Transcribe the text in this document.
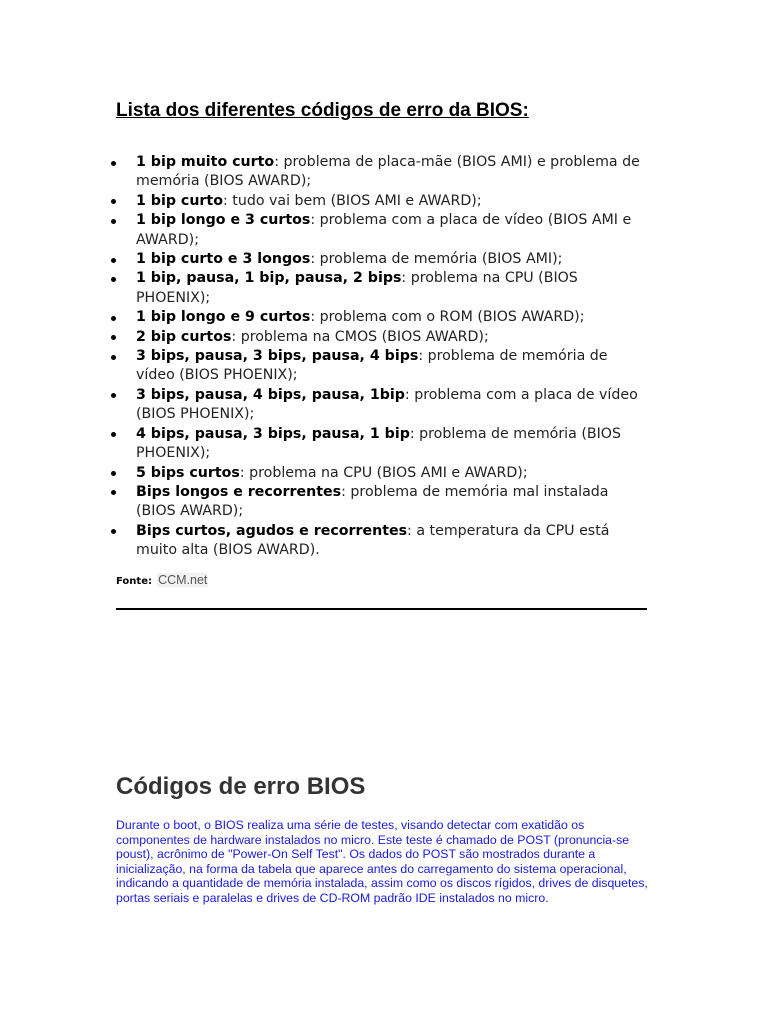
Lista dos diferentes códigos de erro da BIOS:
1 bip muito curto: problema de placa-mãe (BIOS AMI) e problema de memória (BIOS AWARD);
1 bip curto: tudo vai bem (BIOS AMI e AWARD);
1 bip longo e 3 curtos: problema com a placa de vídeo (BIOS AMI e AWARD);
1 bip curto e 3 longos: problema de memória (BIOS AMI);
1 bip, pausa, 1 bip, pausa, 2 bips: problema na CPU (BIOS PHOENIX);
1 bip longo e 9 curtos: problema com o ROM (BIOS AWARD);
2 bip curtos: problema na CMOS (BIOS AWARD);
3 bips, pausa, 3 bips, pausa, 4 bips: problema de memória de vídeo (BIOS PHOENIX);
3 bips, pausa, 4 bips, pausa, 1bip: problema com a placa de vídeo (BIOS PHOENIX);
4 bips, pausa, 3 bips, pausa, 1 bip: problema de memória (BIOS PHOENIX);
5 bips curtos: problema na CPU (BIOS AMI e AWARD);
Bips longos e recorrentes: problema de memória mal instalada (BIOS AWARD);
Bips curtos, agudos e recorrentes: a temperatura da CPU está muito alta (BIOS AWARD).

Fonte: CCM.net

Códigos de erro BIOS

Durante o boot, o BIOS realiza uma série de testes, visando detectar com exatidão os componentes de hardware instalados no micro. Este teste é chamado de POST (pronuncia-se poust), acrônimo de "Power-On Self Test". Os dados do POST são mostrados durante a inicialização, na forma da tabela que aparece antes do carregamento do sistema operacional, indicando a quantidade de memória instalada, assim como os discos rígidos, drives de disquetes, portas seriais e paralelas e drives de CD-ROM padrão IDE instalados no micro.
